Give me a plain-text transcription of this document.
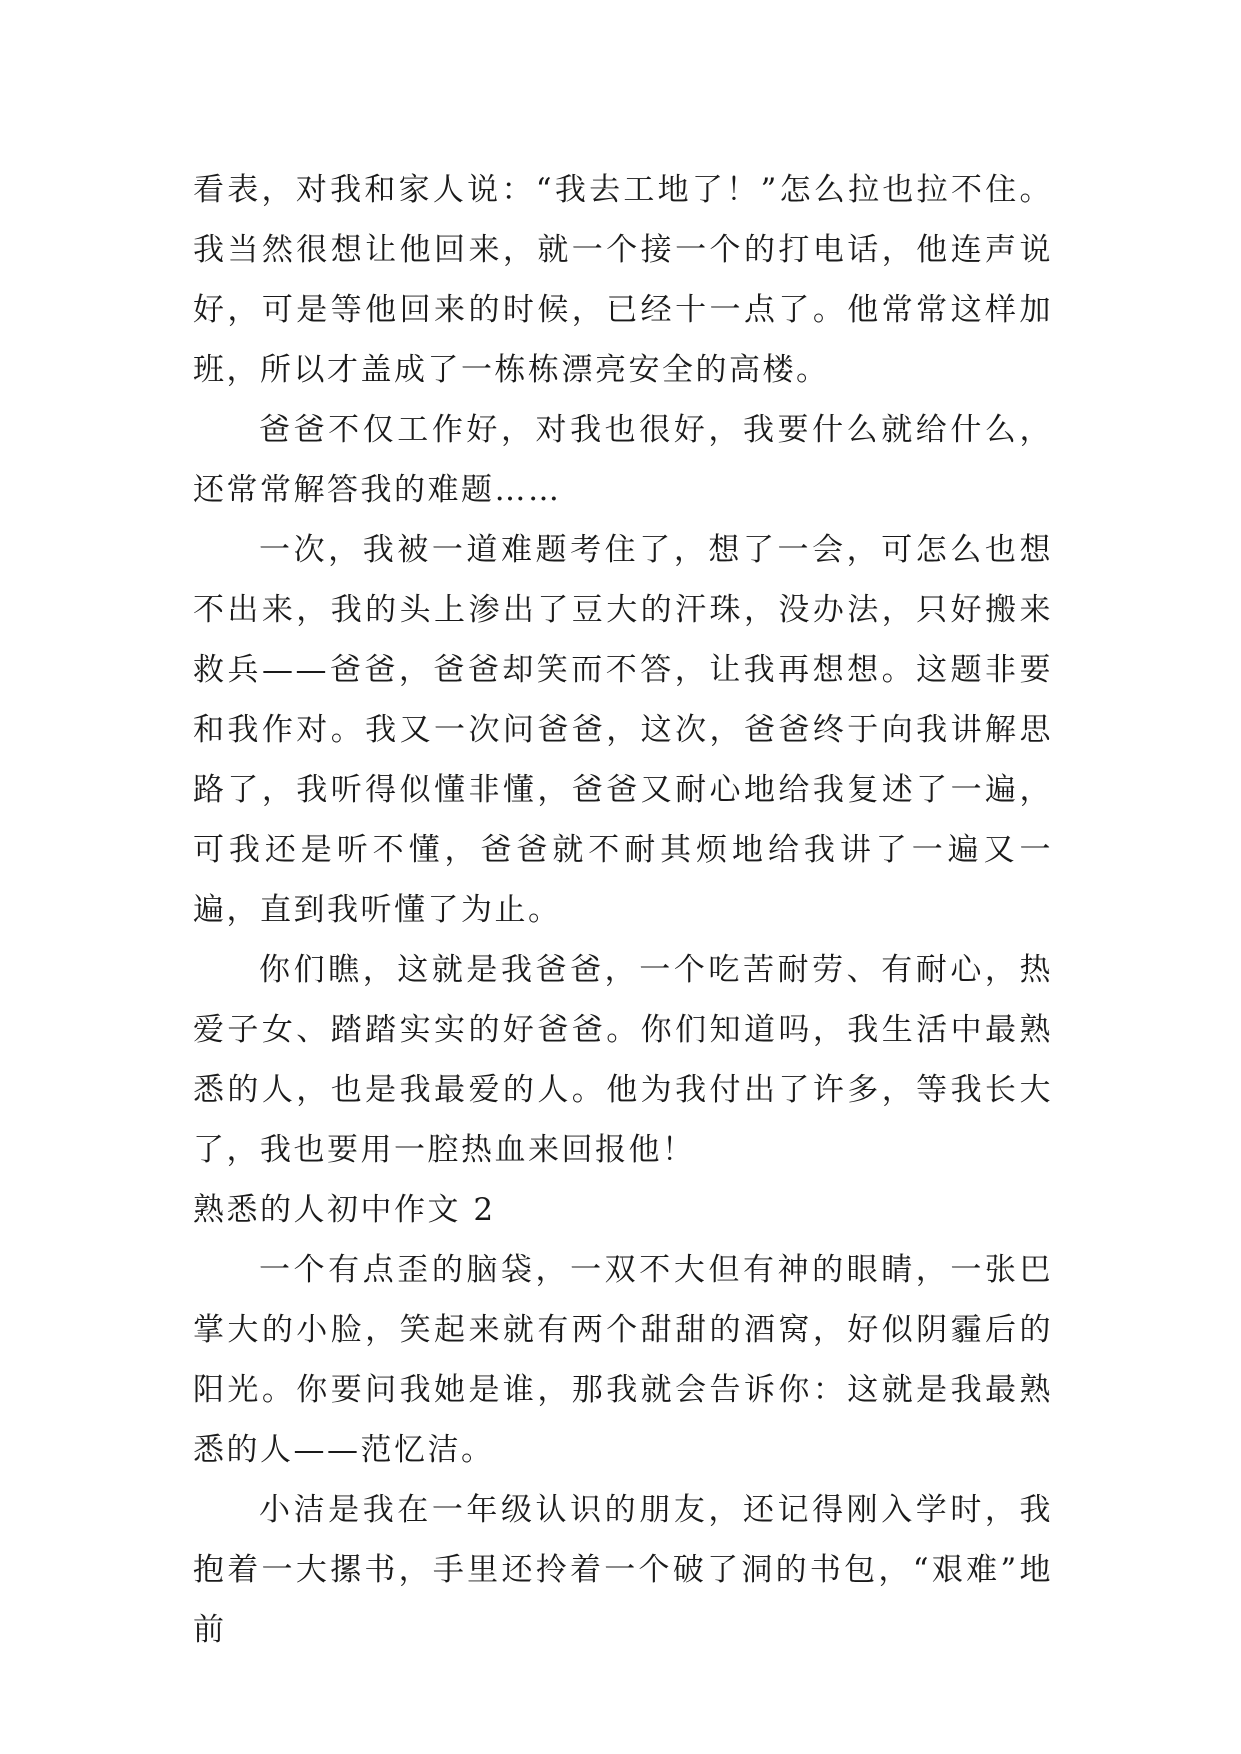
看表，对我和家人说：“我去工地了！”怎么拉也拉不住。我当然很想让他回来，就一个接一个的打电话，他连声说好，可是等他回来的时候，已经十一点了。他常常这样加班，所以才盖成了一栋栋漂亮安全的高楼。

爸爸不仅工作好，对我也很好，我要什么就给什么，还常常解答我的难题……

一次，我被一道难题考住了，想了一会，可怎么也想不出来，我的头上渗出了豆大的汗珠，没办法，只好搬来救兵——爸爸，爸爸却笑而不答，让我再想想。这题非要和我作对。我又一次问爸爸，这次，爸爸终于向我讲解思路了，我听得似懂非懂，爸爸又耐心地给我复述了一遍，可我还是听不懂，爸爸就不耐其烦地给我讲了一遍又一遍，直到我听懂了为止。

你们瞧，这就是我爸爸，一个吃苦耐劳、有耐心，热爱子女、踏踏实实的好爸爸。你们知道吗，我生活中最熟悉的人，也是我最爱的人。他为我付出了许多，等我长大了，我也要用一腔热血来回报他！

熟悉的人初中作文 2

一个有点歪的脑袋，一双不大但有神的眼睛，一张巴掌大的小脸，笑起来就有两个甜甜的酒窝，好似阴霾后的阳光。你要问我她是谁，那我就会告诉你：这就是我最熟悉的人——范忆洁。

小洁是我在一年级认识的朋友，还记得刚入学时，我抱着一大摞书，手里还拎着一个破了洞的书包，“艰难”地前
